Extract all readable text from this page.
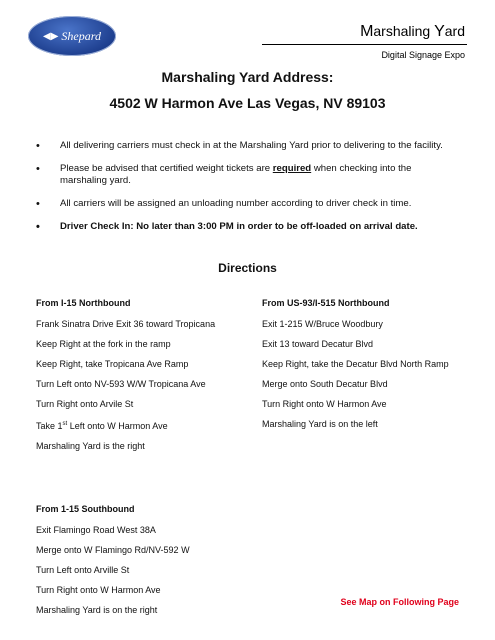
◀▶ Shepard	Marshaling Yard
Digital Signage Expo
Marshaling Yard Address:
4502 W Harmon Ave Las Vegas, NV 89103
• All delivering carriers must check in at the Marshaling Yard prior to delivering to the facility.
• Please be advised that certified weight tickets are required when checking into the marshaling yard.
• All carriers will be assigned an unloading number according to driver check in time.
• Driver Check In: No later than 3:00 PM in order to be off-loaded on arrival date.
Directions
From I-15 Northbound
Frank Sinatra Drive Exit 36 toward Tropicana
Keep Right at the fork in the ramp
Keep Right, take Tropicana Ave Ramp
Turn Left onto NV-593 W/W Tropicana Ave
Turn Right onto Arvile St
Take 1st Left onto W Harmon Ave
Marshaling Yard is the right
From US-93/I-515 Northbound
Exit 1-215 W/Bruce Woodbury
Exit 13 toward Decatur Blvd
Keep Right, take the Decatur Blvd North Ramp
Merge onto South Decatur Blvd
Turn Right onto W Harmon Ave
Marshaling Yard is on the left
From 1-15 Southbound
Exit Flamingo Road West 38A
Merge onto W Flamingo Rd/NV-592 W
Turn Left onto Arville St
Turn Right onto W Harmon Ave
Marshaling Yard is on the right
See Map on Following Page
